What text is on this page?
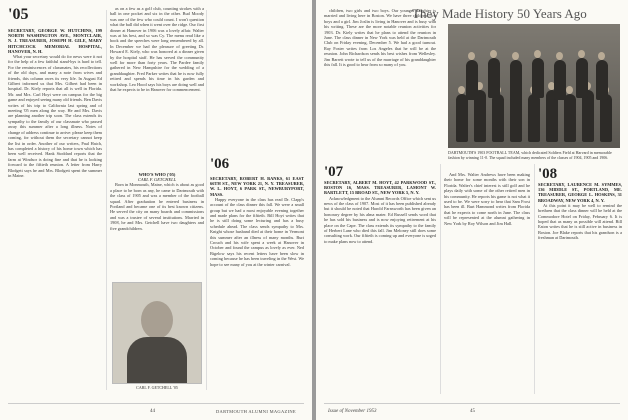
'05
SECRETARY, GEORGE W. HUTCHINS, 199 NORTH WASHINGTON AVE., MONTCLAIR, N. J. TREASURER, JOSEPH H. GILE, MARY HITCHCOCK MEMORIAL HOSPITAL, HANOVER, N. H.

What your secretary would do for news were it not for the help of a few faithful stand-bys is hard to tell. For the reminiscences of classmates, his recollections of the old days, and many a note from wives and friends, this column owes its very life. In August Ed Gilbert informed us that Mrs. Gilbert had been in hospital. Dr. Kiely reports that all is well in Florida. Mr. and Mrs. Carl Hoyt were on campus for the big game and enjoyed seeing many old friends. Ben Davis writes of his trip to California last spring and of meeting '05 men along the way. He and Mrs. Davis are planning another trip soon. The class extends its sympathy to the family of our classmate who passed away this summer after a long illness. Notes of change of address continue to arrive: please keep them coming, for without them the secretary cannot keep the list in order. Another of our writers, Paul Hatch, has completed a history of his home town which has been well received. Hank Stoddard reports that the farm at Windsor is doing fine and that he is looking forward to the fiftieth reunion. A letter from Harry Blodgett says he and Mrs. Blodgett spent the summer in Maine.

as on a few as a golf club, counting strokes with a ball in one pocket and six in the other. Bud Moody was one of the few who could count. I won't question what the ball did when it went over the ridge. Our first dinner at Hanover in 1906 was a lovely affair. Walter was at his best, and so was Cy. The menu read like a book and the speeches were long remembered by all. In December we had the pleasure of greeting Dr. Howard E. Kiely, who was honored at a dinner given by the hospital staff. He has served the community well for more than forty years. The Pardee family gathered in New Hampshire for the wedding of a granddaughter. Fred Parker writes that he is now fully retired and spends his time in his garden and workshop. Leo Hood says his boys are doing well and that he expects to be in Hanover for commencement.

WHO'S WHO ('05)
CARL F. GETCHELL

Born in Monmouth, Maine, which is about as good a place to be born as any, he came to Dartmouth with the class of 1905 and was a member of the football squad. After graduation he entered business in Portland and became one of its best known citizens. He served the city on many boards and commissions and was a trustee of several institutions. Married in 1908, he and Mrs. Getchell have two daughters and five grandchildren.

CARL F. GETCHELL '05
'06
SECRETARY, ROBERT H. BANKS, 61 EAST 66TH ST., NEW YORK 21, N. Y. TREASURER, W. L. HOYT, 6 PARK ST., NEWBURYPORT, MASS.

Happy everyone in the class has read Dr. Clapp's account of the class dinner this fall. We were a small group but we had a most enjoyable evening together and made plans for the fiftieth. Bill Hoyt writes that he is still doing some lecturing and has a busy schedule ahead. The class sends sympathy to Mrs. Knight whose husband died at their home in Vermont this summer after an illness of many months. Burt Crouch and his wife spent a week at Hanover in October and found the campus as lovely as ever. Ned Bigelow says his recent letters have been slow in coming because he has been traveling in the West. We hope to see many of you at the winter carnival.

44	DARTMOUTH ALUMNI MAGAZINE
They Made History 50 Years Ago

children, two girls and two boys. Our younger daughter is married and living here in Boston. We have three children, two boys and a girl. Jim Joslin is living in Hanover and is busy with his writing. These are the more notable reunion activities for 1903. Dr. Kiely writes that he plans to attend the reunion in June. The class dinner in New York was held at the Dartmouth Club on Friday evening, December 5. We had a good turnout. Ray Foster writes from Los Angeles that he will be at the reunion. John Richardson sends his best wishes from Wellesley. Jim Barrett wrote to tell us of the marriage of his granddaughter this fall. It is good to hear from so many of you.

'07
SECRETARY, ALBERT M. HOYT, 42 PARKWOOD ST., BOSTON 16, MASS. TREASURER, LAMONT W. BARTLETT, 15 BROAD ST., NEW YORK 5, N. Y.

Acknowledgment to the Alumni Records Office which sent us news of the class of 1907. Most of it has been published already but it should be noted that Harold Farnsworth has been given an honorary degree by his alma mater. Ed Russell sends word that he has sold his business and is now enjoying retirement at his place on the Cape. The class extends its sympathy to the family of Herbert Lane who died this fall. Jim Meloney still does some consulting work. Our fiftieth is coming up and everyone is urged to make plans now to attend.

DARTMOUTH'S 1903 FOOTBALL TEAM, which dedicated Soldiers Field at Harvard in memorable fashion by winning 11-0. The squad included many members of the classes of 1904, 1905 and 1906.

And Mrs. Walter Andrews have been making their home for some months with their son in Florida. Walter's chief interest is still golf and he plays daily with some of the other retired men in his community. He reports his game is not what it used to be. We were sorry to hear that Sam Frost has been ill. Burt Hammond writes from Florida that he expects to come north in June. The class will be represented at the alumni gathering in New York by Roy Wilson and Jim Hall.

'08
SECRETARY, LAURENCE M. SYMMES, 136 MIDDLE ST., PORTLAND, ME. TREASURER, GEORGE L. HOSKINS, 31 BROADWAY, NEW YORK 4, N. Y.

At this point it may be well to remind the brethren that the class dinner will be held at the Commodore Hotel on Friday, February 6. It is hoped that as many as possible will attend. Bill Eaton writes that he is still active in business in Boston. Joe Blake reports that his grandson is a freshman at Dartmouth.

Issue of November 1953	45
